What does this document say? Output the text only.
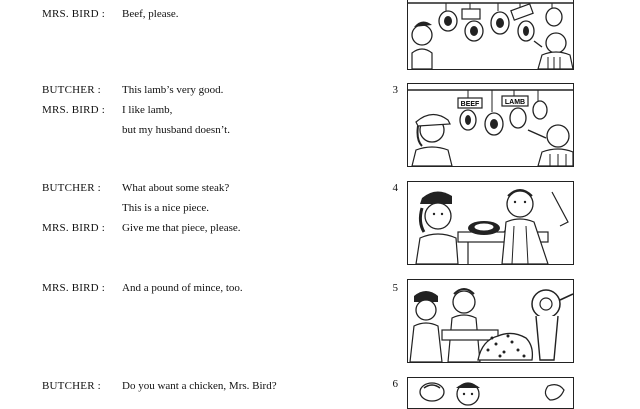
MRS. BIRD : Beef, please.
BUTCHER : This lamb’s very good.
MRS. BIRD : I like lamb,
but my husband doesn’t.
BUTCHER : What about some steak?
This is a nice piece.
MRS. BIRD : Give me that piece, please.
MRS. BIRD : And a pound of mince, too.
BUTCHER : Do you want a chicken, Mrs. Bird?
3
4
5
6
BEEF	LAMB
